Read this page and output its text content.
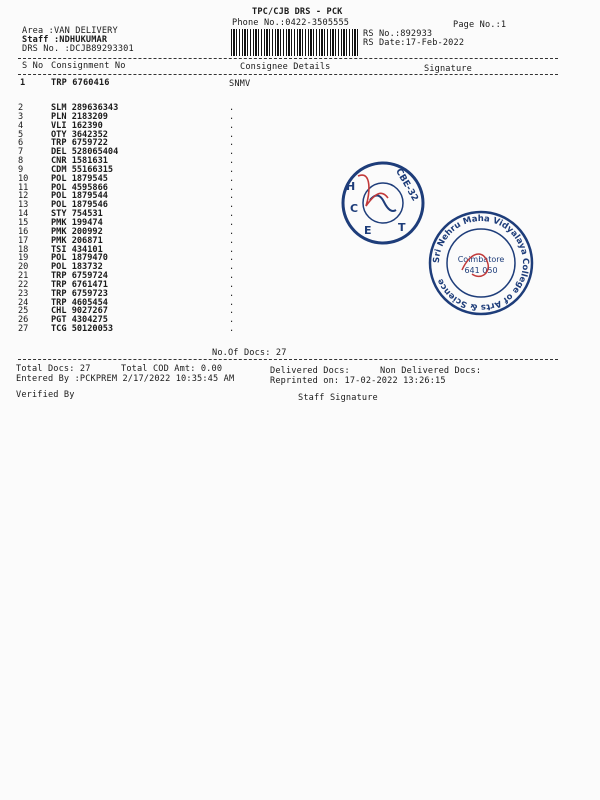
TPC/CJB DRS - PCK
Phone No.:0422-3505555	Page No.:1
Area :VAN DELIVERY
Staff :NDHUKUMAR
DRS No. :DCJB89293301
RS No.:892933
RS Date:17-Feb-2022
S No Consignment No	Consignee Details	Signature
1	TRP 6760416	SNMV
2	SLM 289636343	.
3	PLN 2183209	.
4	VLI 162390	.
5	OTY 3642352	.
6	TRP 6759722	.
7	DEL 528065404	.
8	CNR 1581631	.
9	CDM 55166315	.
10	POL 1879545	.
11	POL 4595866	.
12	POL 1879544	.
13	POL 1879546	.
14	STY 754531	.
15	PMK 199474	.
16	PMK 200992	.
17	PMK 206871	.
18	TSI 434101	.
19	POL 1879470	.
20	POL 183732	.
21	TRP 6759724	.
22	TRP 6761471	.
23	TRP 6759723	.
24	TRP 4605454	.
25	CHL 9027267	.
26	PGT 4304275	.
27	TCG 50120053	.
No.Of Docs: 27
Total Docs: 27	Total COD Amt: 0.00	Delivered Docs:	Non Delivered Docs:
Entered By :PCKPREM 2/17/2022 10:35:45 AM	Reprinted on: 17-02-2022 13:26:15
Verified By	Staff Signature
H
C
E T
CBE-32
Sri Nehru Maha Vidyalaya College of Arts & Science
Coimbatore
641 050
